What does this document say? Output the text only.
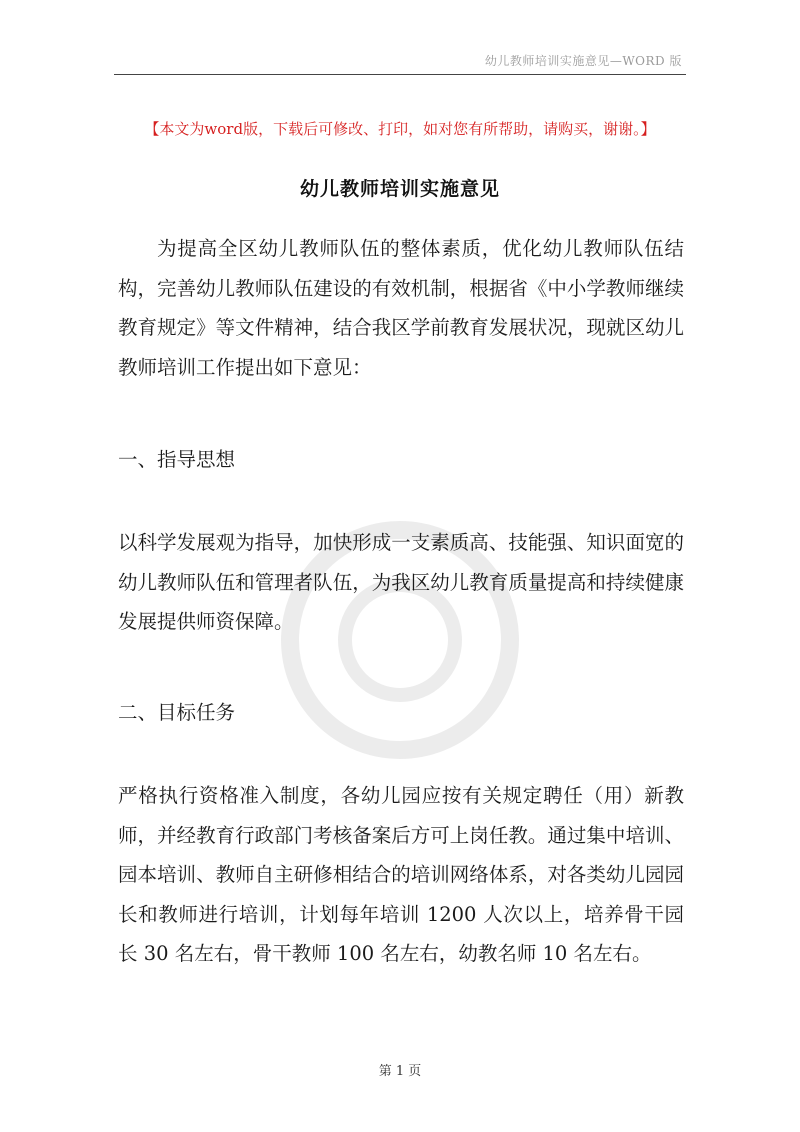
幼儿教师培训实施意见—WORD 版
【本文为word版，下载后可修改、打印，如对您有所帮助，请购买，谢谢。】
幼儿教师培训实施意见
为提高全区幼儿教师队伍的整体素质，优化幼儿教师队伍结构，完善幼儿教师队伍建设的有效机制，根据省《中小学教师继续教育规定》等文件精神，结合我区学前教育发展状况，现就区幼儿教师培训工作提出如下意见：
一、指导思想
以科学发展观为指导，加快形成一支素质高、技能强、知识面宽的幼儿教师队伍和管理者队伍，为我区幼儿教育质量提高和持续健康发展提供师资保障。
二、目标任务
严格执行资格准入制度，各幼儿园应按有关规定聘任（用）新教师，并经教育行政部门考核备案后方可上岗任教。通过集中培训、园本培训、教师自主研修相结合的培训网络体系，对各类幼儿园园长和教师进行培训，计划每年培训 1200 人次以上，培养骨干园长 30 名左右，骨干教师 100 名左右，幼教名师 10 名左右。
第 1 页
